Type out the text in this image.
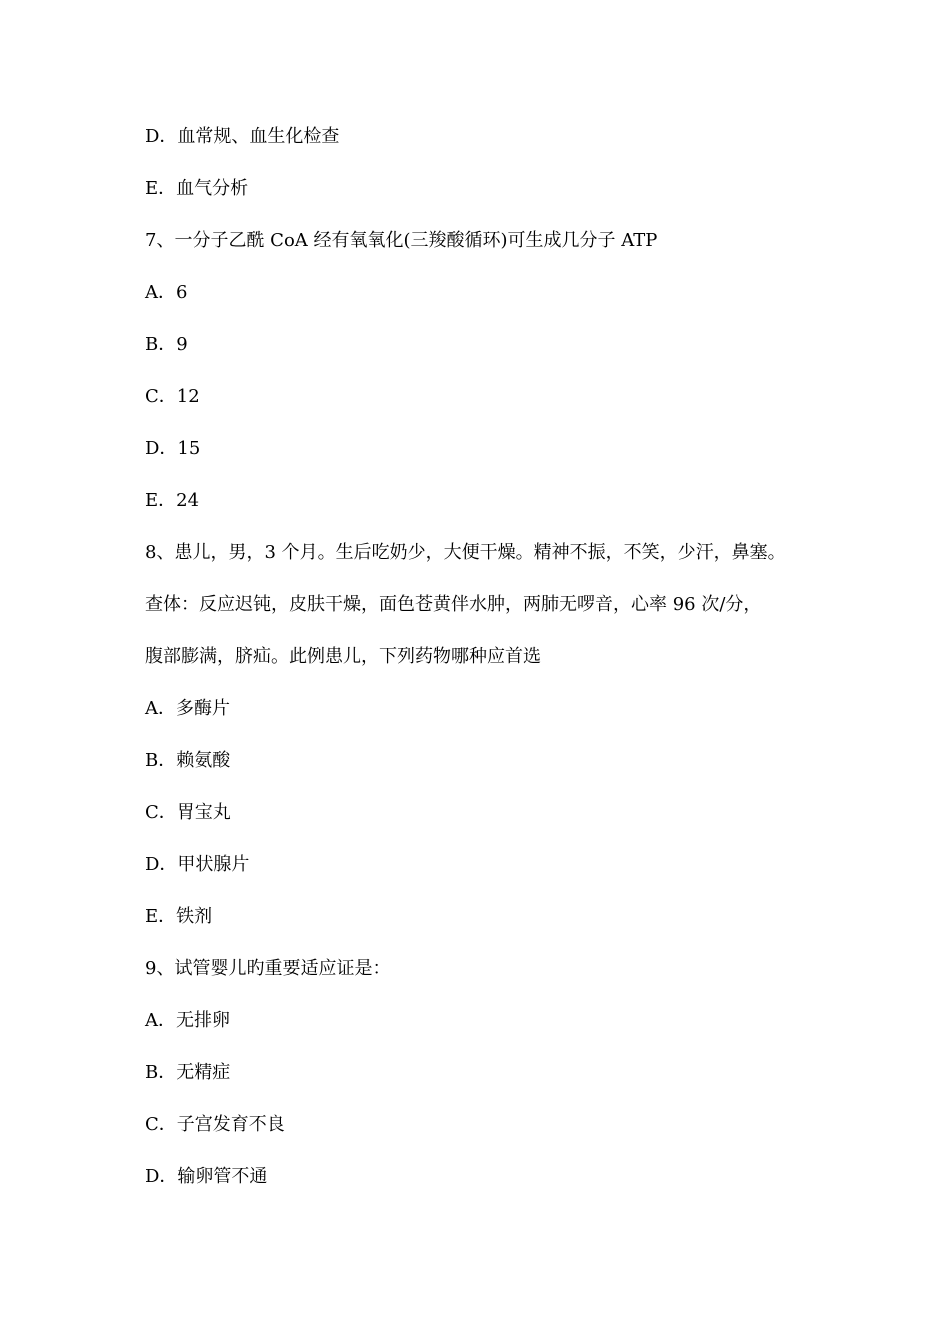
D．血常规、血生化检查
E．血气分析
7、一分子乙酰 CoA 经有氧氧化(三羧酸循环)可生成几分子 ATP
A．6
B．9
C．12
D．15
E．24
8、患儿，男，3 个月。生后吃奶少，大便干燥。精神不振，不笑，少汗，鼻塞。
查体：反应迟钝，皮肤干燥，面色苍黄伴水肿，两肺无啰音，心率 96 次/分，
腹部膨满，脐疝。此例患儿，下列药物哪种应首选
A．多酶片
B．赖氨酸
C．胃宝丸
D．甲状腺片
E．铁剂
9、试管婴儿旳重要适应证是：
A．无排卵
B．无精症
C．子宫发育不良
D．输卵管不通
